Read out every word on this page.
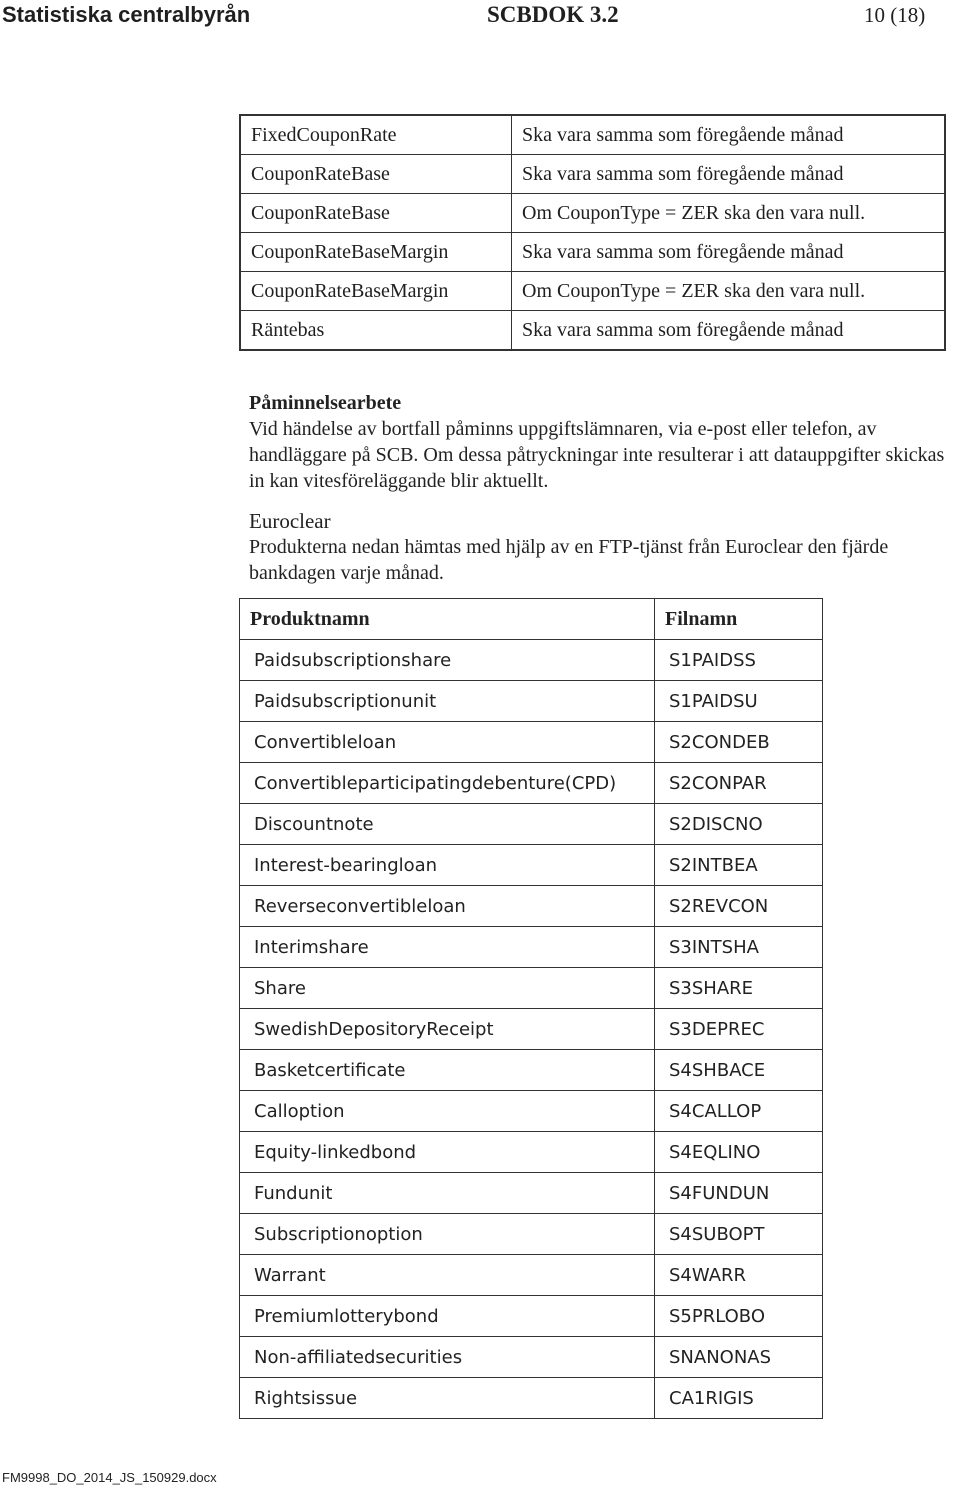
Statistiska centralbyrån	SCBDOK 3.2	10 (18)
FixedCouponRate	Ska vara samma som föregående månad
CouponRateBase	Ska vara samma som föregående månad
CouponRateBase	Om CouponType = ZER ska den vara null.
CouponRateBaseMargin	Ska vara samma som föregående månad
CouponRateBaseMargin	Om CouponType = ZER ska den vara null.
Räntebas	Ska vara samma som föregående månad
Påminnelsearbete
Vid händelse av bortfall påminns uppgiftslämnaren, via e-post eller telefon, av handläggare på SCB. Om dessa påtryckningar inte resulterar i att datauppgifter skickas in kan vitesföreläggande blir aktuellt.
Euroclear
Produkterna nedan hämtas med hjälp av en FTP-tjänst från Euroclear den fjärde bankdagen varje månad.
Produktnamn	Filnamn
Paidsubscriptionshare	S1PAIDSS
Paidsubscriptionunit	S1PAIDSU
Convertibleloan	S2CONDEB
Convertibleparticipatingdebenture(CPD)	S2CONPAR
Discountnote	S2DISCNO
Interest-bearingloan	S2INTBEA
Reverseconvertibleloan	S2REVCON
Interimshare	S3INTSHA
Share	S3SHARE
SwedishDepositoryReceipt	S3DEPREC
Basketcertificate	S4SHBACE
Calloption	S4CALLOP
Equity-linkedbond	S4EQLINO
Fundunit	S4FUNDUN
Subscriptionoption	S4SUBOPT
Warrant	S4WARR
Premiumlotterybond	S5PRLOBO
Non-affiliatedsecurities	SNANONAS
Rightsissue	CA1RIGIS
FM9998_DO_2014_JS_150929.docx
